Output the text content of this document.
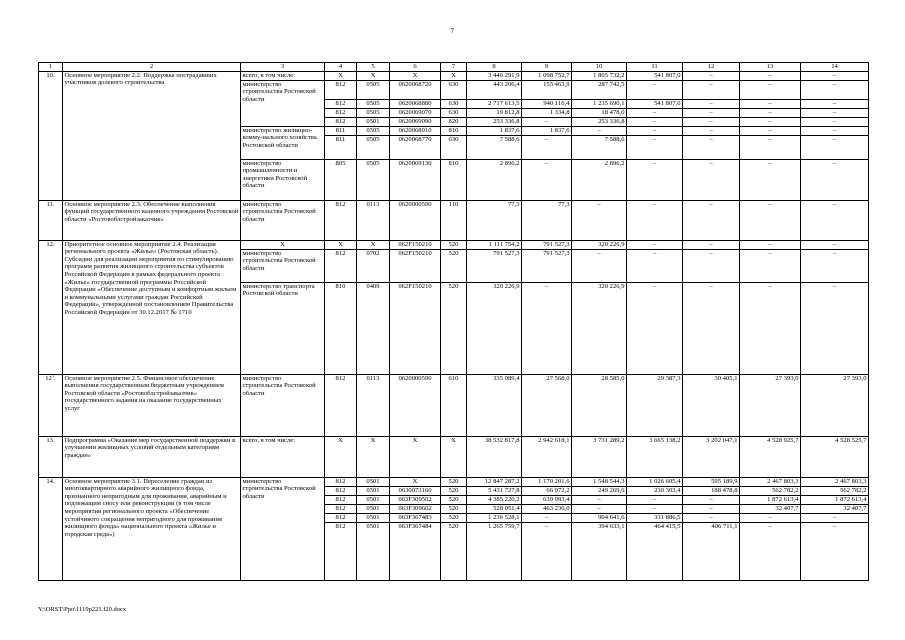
7
1	2	3	4	5	6	7	8	9	10	11	12	13	14
10.	Основное мероприятие 2.2. Поддержка пострадавших участников долевого строительства	всего, в том числе:	X	X	X	X	3 446 291,9	1 098 752,7	1 805 732,2	541 807,0	–	–	–
		министерство строительства Ростовской области	812	0505	0620068720	630	443 206,4	155 463,9	287 742,5	–	–	–	–
			812	0505	0620068880	630	2 717 613,5	940 116,4	1 235 690,1	541 807,0	–	–	–
			812	0505	0620069070	630	19 812,8	1 334,8	18 478,0	–	–	–	–
			812	0501	0620069090	820	253 336,8	–	253 336,8	–	–	–	–
		министерство жилищно-комму-нального хозяйства Ростовской области	811	0505	0620068910	810	1 837,6	1 837,6	–	–	–	–	–
			811	0505	0620068770	630	7 588,6	–	7 588,6	–	–	–	–
		министерство промышленности и энергетики Ростовской области	805	0505	0620069130	810	2 896,2	–	2 896,2	–	–	–	–
11.	Основное мероприятие 2.3. Обеспечение выполнения функций государственного казенного учреждения Ростовской области «Ростовоблстройзаказчик»	министерство строительства Ростовской области	812	0113	0620000590	110	77,3	77,3	–	–	–	–	–
12.	Приоритетное основное мероприятие 2.4. Реализация регионального проекта «Жилье» (Ростовская область). Субсидии для реализации мероприятия по стимулированию программ развития жилищного строительства субъектов Российской Федерации в рамках федерального проекта «Жилье» государственной программы Российской Федерации «Обеспечение доступным и комфортным жильем и коммунальными услугами граждан Российской Федерации», утвержденной постановлением Правительства Российской Федерации от 30.12.2017 № 1710	X	X	X	062F150210	520	1 111 754,2	791 527,3	320 226,9	–	–	–	–
		министерство строительства Ростовской области	812	0702	062F150210	520	791 527,3	791 527,3	–	–	–	–	–
		министерство транспорта Ростовской области	810	0409	062F150210	520	320 226,9	–	320 226,9	–	–	–	–
$12^1$.	Основное мероприятие 2.5. Финансовое обеспечение выполнения государственным бюджетным учреждением Ростовской области «Ростовоблстройзаказчик» государственного задания на оказание государственных услуг	министерство строительства Ростовской области	812	0113	0620000590	610	335 089,4	27 568,0	28 585,0	29 387,3	30 405,1	27 393,0	27 393,0
13.	Подпрограмма «Оказание мер государственной поддержки в улучшении жилищных условий отдельным категориям граждан»	всего, в том числе:	X	X	X	X	38 532 817,8	2 942 618,1	3 731 289,2	3 665 138,2	3 202 047,1	4 528 925,7	4 528 525,7
14.	Основное мероприятие 3.1. Переселение граждан из многоквартирного аварийного жилищного фонда, признанного непригодным для проживания, аварийным и подлежащим сносу или реконструкции (в том числе мероприятия регионального проекта «Обеспечение устойчивого сокращения непригодного для проживания жилищного фонда» национального проекта «Жилье и городская среда»)	министерство строительства Ростовской области	812	0501	X	520	12 847 287,2	1 170 201,6	1 548 544,3	1 026 605,4	595 189,9	2 467 803,3	2 467 803,3
			812	0501	0630073160	520	5 431 727,8	66 972,2	249 269,6	230 303,4	188 478,8	562 782,2	562 782,2
			812	0501	063F309502	520	4 385 220,2	639 993,4	–	–	–	1 872 613,4	1 872 613,4
			812	0501	063F309602	520	528 051,4	463 236,0	–	–	–	32 407,7	32 407,7
			812	0501	063F367483	520	1 236 528,1	–	904 641,6	331 886,5	–	–	–
			812	0501	063F367484	520	1 265 759,7	–	394 633,1	464 415,5	406 711,1	–	–
Y:\ORST\Ppo\1119p221.f20.docx
